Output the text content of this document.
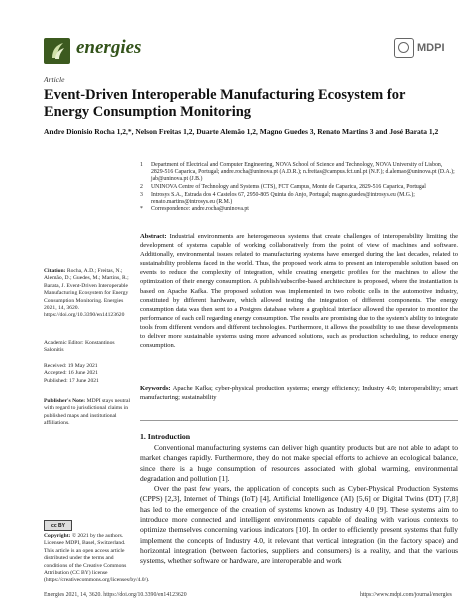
energies	MDPI
Article
Event-Driven Interoperable Manufacturing Ecosystem for Energy Consumption Monitoring
Andre Dionisio Rocha 1,2,*, Nelson Freitas 1,2, Duarte Alemão 1,2, Magno Guedes 3, Renato Martins 3 and José Barata 1,2
1	Department of Electrical and Computer Engineering, NOVA School of Science and Technology, NOVA University of Lisbon, 2829-516 Caparica, Portugal; andre.rocha@uninova.pt (A.D.R.); n.freitas@campus.fct.unl.pt (N.F.); d.alemao@uninova.pt (D.A.); jab@uninova.pt (J.B.)
2	UNINOVA Centre of Technology and Systems (CTS), FCT Campus, Monte de Caparica, 2829-516 Caparica, Portugal
3	Introsys S.A., Estrada dos 4 Castelos 67, 2950-805 Quinta do Anjo, Portugal; magno.guedes@introsys.eu (M.G.); renato.martins@introsys.eu (R.M.)
*	Correspondence: andre.rocha@uninova.pt
Abstract: Industrial environments are heterogeneous systems that create challenges of interoperability limiting the development of systems capable of working collaboratively from the point of view of machines and software. Additionally, environmental issues related to manufacturing systems have emerged during the last decades, related to sustainability problems faced in the world. Thus, the proposed work aims to present an interoperable solution based on events to reduce the complexity of integration, while creating energetic profiles for the machines to allow the optimization of their energy consumption. A publish/subscribe-based architecture is proposed, where the instantiation is based on Apache Kafka. The proposed solution was implemented in two robotic cells in the automotive industry, constituted by different hardware, which allowed testing the integration of different components. The energy consumption data was then sent to a Postgres database where a graphical interface allowed the operator to monitor the performance of each cell regarding energy consumption. The results are promising due to the system's ability to integrate tools from different vendors and different technologies. Furthermore, it allows the possibility to use these developments to deliver more sustainable systems using more advanced solutions, such as production scheduling, to reduce energy consumption.
Keywords: Apache Kafka; cyber-physical production systems; energy efficiency; Industry 4.0; interoperability; smart manufacturing; sustainability
1. Introduction

Conventional manufacturing systems can deliver high quantity products but are not able to adapt to market changes rapidly. Furthermore, they do not make special efforts to achieve an ecological balance, since there is a huge consumption of resources associated with global warming, environmental degradation and pollution [1].

Over the past few years, the application of concepts such as Cyber-Physical Production Systems (CPPS) [2,3], Internet of Things (IoT) [4], Artificial Intelligence (AI) [5,6] or Digital Twins (DT) [7,8] has led to the emergence of the creation of systems known as Industry 4.0 [9]. These systems aim to introduce more connected and intelligent environments capable of dealing with various contexts to optimize themselves concerning various indicators [10]. In order to efficiently present systems that fully implement the concepts of Industry 4.0, it relevant that vertical integration (in the factory space) and horizontal integration (between factories, suppliers and consumers) is a reality, and that the various systems, whether software or hardware, are interoperable and work

Citation: Rocha, A.D.; Freitas, N.; Alemão, D.; Guedes, M.; Martins, R.; Barata, J. Event-Driven Interoperable Manufacturing Ecosystem for Energy Consumption Monitoring. Energies 2021, 14, 3620. https://doi.org/10.3390/en14123620
Academic Editor: Konstantinos Salonitis
Received: 19 May 2021
Accepted: 16 June 2021
Published: 17 June 2021
Publisher's Note: MDPI stays neutral with regard to jurisdictional claims in published maps and institutional affiliations.
cc BY
Copyright: © 2021 by the authors. Licensee MDPI, Basel, Switzerland. This article is an open access article distributed under the terms and conditions of the Creative Commons Attribution (CC BY) license (https://creativecommons.org/licenses/by/4.0/).
Energies 2021, 14, 3620. https://doi.org/10.3390/en14123620	https://www.mdpi.com/journal/energies
